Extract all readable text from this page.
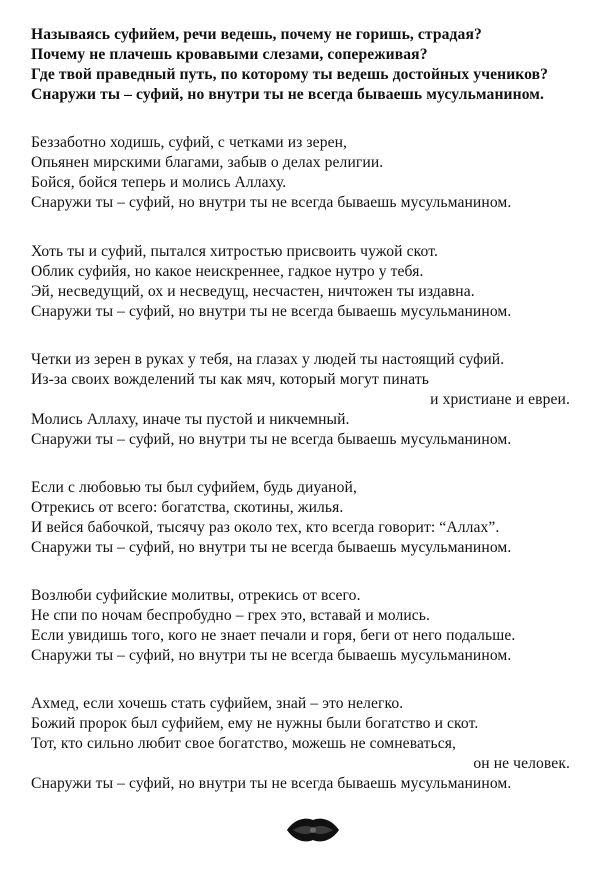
Называясь суфийем, речи ведешь, почему не горишь, страдая?
Почему не плачешь кровавыми слезами, сопереживая?
Где твой праведный путь, по которому ты ведешь достойных учеников?
Снаружи ты – суфий, но внутри ты не всегда бываешь мусульманином.
Беззаботно ходишь, суфий, с четками из зерен,
Опьянен мирскими благами, забыв о делах религии.
Бойся, бойся теперь и молись Аллаху.
Снаружи ты – суфий, но внутри ты не всегда бываешь мусульманином.
Хоть ты и суфий, пытался хитростью присвоить чужой скот.
Облик суфийя, но какое неискреннее, гадкое нутро у тебя.
Эй, несведущий, ох и несведущ, несчастен, ничтожен ты издавна.
Снаружи ты – суфий, но внутри ты не всегда бываешь мусульманином.
Четки из зерен в руках у тебя, на глазах у людей ты настоящий суфий.
Из-за своих вожделений ты как мяч, который могут пинать
и христиане и евреи.
Молись Аллаху, иначе ты пустой и никчемный.
Снаружи ты – суфий, но внутри ты не всегда бываешь мусульманином.
Если с любовью ты был суфийем, будь диуаной,
Отрекись от всего: богатства, скотины, жилья.
И вейся бабочкой, тысячу раз около тех, кто всегда говорит: “Аллах”.
Снаружи ты – суфий, но внутри ты не всегда бываешь мусульманином.
Возлюби суфийские молитвы, отрекись от всего.
Не спи по ночам беспробудно – грех это, вставай и молись.
Если увидишь того, кого не знает печали и горя, беги от него подальше.
Снаружи ты – суфий, но внутри ты не всегда бываешь мусульманином.
Ахмед, если хочешь стать суфийем, знай – это нелегко.
Божий пророк был суфийем, ему не нужны были богатство и скот.
Тот, кто сильно любит свое богатство, можешь не сомневаться,
он не человек.
Снаружи ты – суфий, но внутри ты не всегда бываешь мусульманином.
